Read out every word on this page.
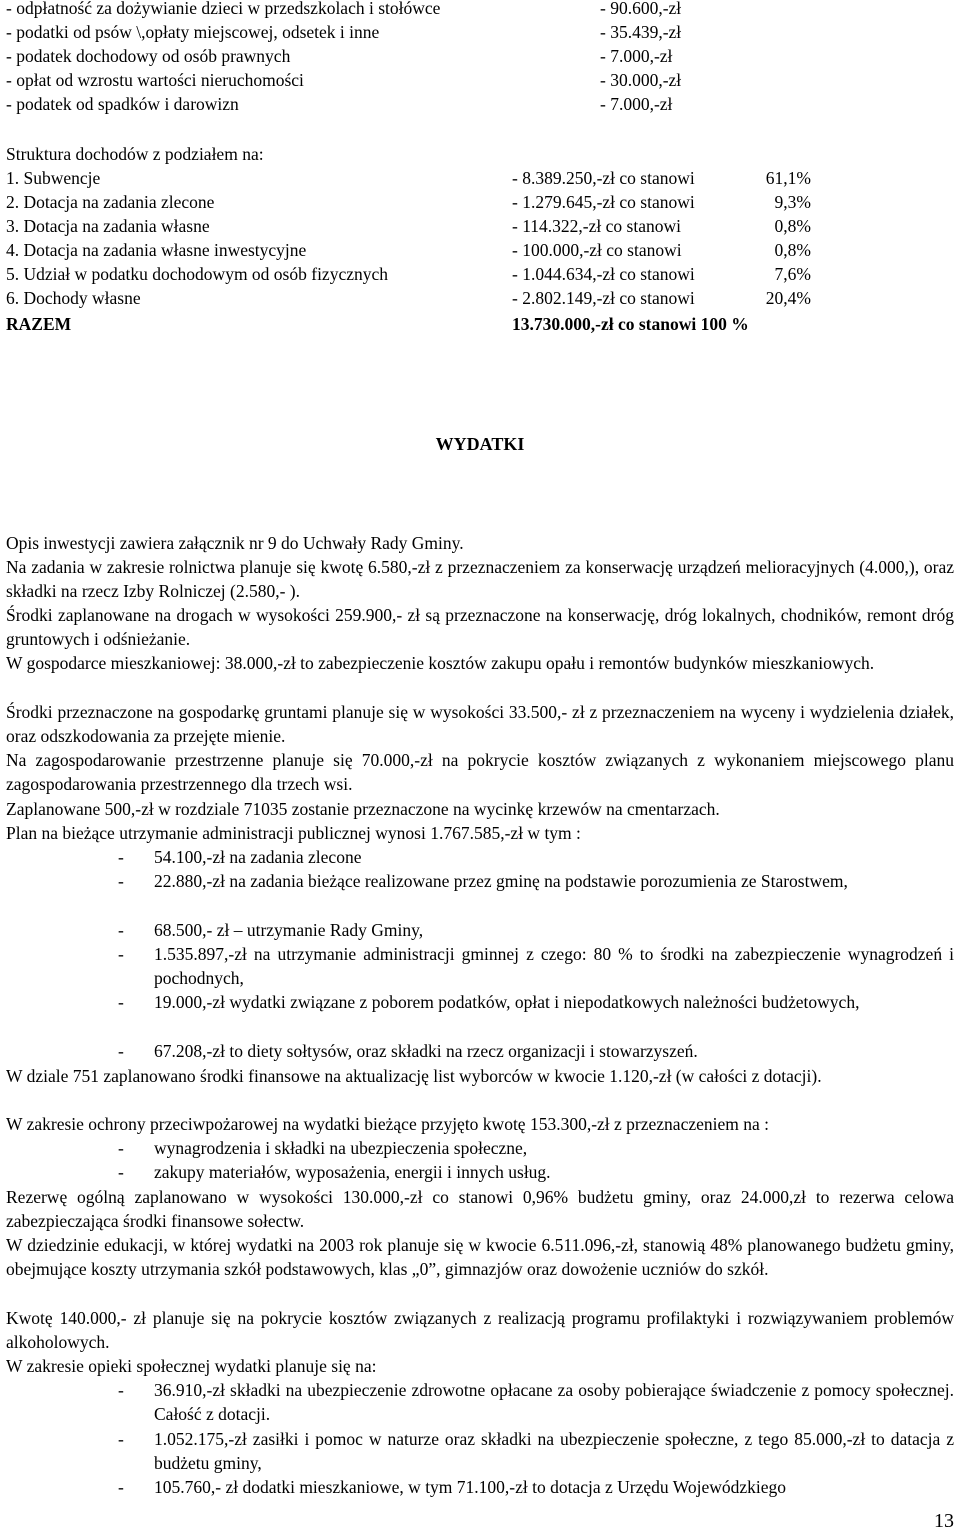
- odpłatność za dożywianie dzieci w przedszkolach i stołówce	- 90.600,-zł
- podatki od psów \,opłaty miejscowej, odsetek i inne	- 35.439,-zł
- podatek dochodowy od osób prawnych	- 7.000,-zł
- opłat od wzrostu wartości nieruchomości	- 30.000,-zł
- podatek od spadków i darowizn	- 7.000,-zł
Struktura dochodów z podziałem na:
1. Subwencje	- 8.389.250,-zł co stanowi	61,1%
2. Dotacja na zadania zlecone	- 1.279.645,-zł co stanowi	9,3%
3. Dotacja na zadania własne	- 114.322,-zł co stanowi	0,8%
4. Dotacja na zadania własne inwestycyjne	- 100.000,-zł co stanowi	0,8%
5. Udział w podatku dochodowym od osób fizycznych	- 1.044.634,-zł co stanowi	7,6%
6. Dochody własne	- 2.802.149,-zł co stanowi	20,4%
RAZEM	13.730.000,-zł co stanowi 100 %
WYDATKI
Opis inwestycji zawiera załącznik nr 9 do Uchwały Rady Gminy.
Na zadania w zakresie rolnictwa planuje się kwotę 6.580,-zł z przeznaczeniem za konserwację urządzeń melioracyjnych (4.000,), oraz składki na rzecz Izby Rolniczej (2.580,- ).
Środki zaplanowane na drogach w wysokości 259.900,- zł są przeznaczone na konserwację, dróg lokalnych, chodników, remont dróg gruntowych i odśnieżanie.
W gospodarce mieszkaniowej: 38.000,-zł to zabezpieczenie kosztów zakupu opału i remontów budynków mieszkaniowych.
Środki przeznaczone na gospodarkę gruntami planuje się w wysokości 33.500,- zł z przeznaczeniem na wyceny i wydzielenia działek, oraz odszkodowania za przejęte mienie.
Na zagospodarowanie przestrzenne planuje się 70.000,-zł na pokrycie kosztów związanych z wykonaniem miejscowego planu zagospodarowania przestrzennego dla trzech wsi.
Zaplanowane 500,-zł w rozdziale 71035 zostanie przeznaczone na wycinkę krzewów na cmentarzach.
Plan na bieżące utrzymanie administracji publicznej wynosi 1.767.585,-zł w tym :
- 54.100,-zł na zadania zlecone
- 22.880,-zł na zadania bieżące realizowane przez gminę na podstawie porozumienia ze Starostwem,
- 68.500,- zł – utrzymanie Rady Gminy,
- 1.535.897,-zł na utrzymanie administracji gminnej z czego: 80 % to środki na zabezpieczenie wynagrodzeń i pochodnych,
- 19.000,-zł wydatki związane z poborem podatków, opłat i niepodatkowych należności budżetowych,
- 67.208,-zł to diety sołtysów, oraz składki na rzecz organizacji i stowarzyszeń.
W dziale 751 zaplanowano środki finansowe na aktualizację list wyborców w kwocie 1.120,-zł (w całości z dotacji).
W zakresie ochrony przeciwpożarowej na wydatki bieżące przyjęto kwotę 153.300,-zł z przeznaczeniem na :
- wynagrodzenia i składki na ubezpieczenia społeczne,
- zakupy materiałów, wyposażenia, energii i innych usług.
Rezerwę ogólną zaplanowano w wysokości 130.000,-zł co stanowi 0,96% budżetu gminy, oraz 24.000,zł to rezerwa celowa zabezpieczająca środki finansowe sołectw.
W dziedzinie edukacji, w której wydatki na 2003 rok planuje się w kwocie 6.511.096,-zł, stanowią 48% planowanego budżetu gminy, obejmujące koszty utrzymania szkół podstawowych, klas „0”, gimnazjów oraz dowożenie uczniów do szkół.
Kwotę 140.000,- zł planuje się na pokrycie kosztów związanych z realizacją programu profilaktyki i rozwiązywaniem problemów alkoholowych.
W zakresie opieki społecznej wydatki planuje się na:
- 36.910,-zł składki na ubezpieczenie zdrowotne opłacane za osoby pobierające świadczenie z pomocy społecznej. Całość z dotacji.
- 1.052.175,-zł zasiłki i pomoc w naturze oraz składki na ubezpieczenie społeczne, z tego 85.000,-zł to datacja z budżetu gminy,
- 105.760,- zł dodatki mieszkaniowe, w tym 71.100,-zł to dotacja z Urzędu Wojewódzkiego
13
